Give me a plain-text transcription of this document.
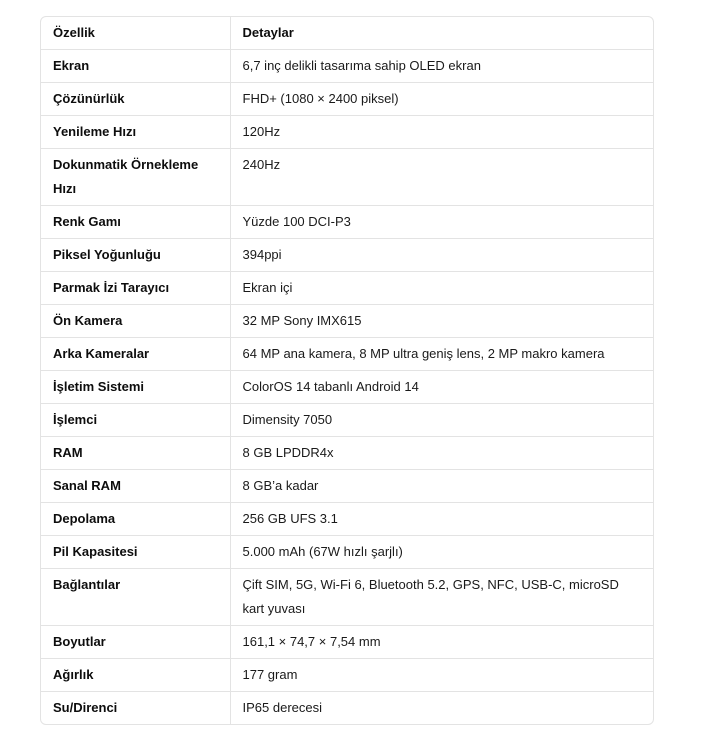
Özellik	Detaylar
Ekran	6,7 inç delikli tasarıma sahip OLED ekran
Çözünürlük	FHD+ (1080 × 2400 piksel)
Yenileme Hızı	120Hz
Dokunmatik Örnekleme Hızı	240Hz
Renk Gamı	Yüzde 100 DCI-P3
Piksel Yoğunluğu	394ppi
Parmak İzi Tarayıcı	Ekran içi
Ön Kamera	32 MP Sony IMX615
Arka Kameralar	64 MP ana kamera, 8 MP ultra geniş lens, 2 MP makro kamera
İşletim Sistemi	ColorOS 14 tabanlı Android 14
İşlemci	Dimensity 7050
RAM	8 GB LPDDR4x
Sanal RAM	8 GB’a kadar
Depolama	256 GB UFS 3.1
Pil Kapasitesi	5.000 mAh (67W hızlı şarjlı)
Bağlantılar	Çift SIM, 5G, Wi-Fi 6, Bluetooth 5.2, GPS, NFC, USB-C, microSD kart yuvası
Boyutlar	161,1 × 74,7 × 7,54 mm
Ağırlık	177 gram
Su/Direnci	IP65 derecesi
